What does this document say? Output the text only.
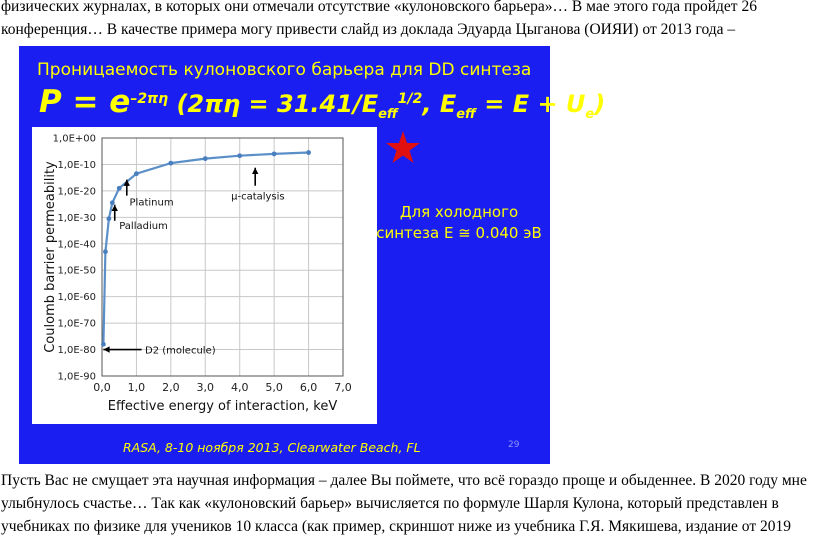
физических журналах, в которых они отмечали отсутствие «кулоновского барьера»… В мае этого года пройдет 26
конференция… В качестве примера могу привести слайд из доклада Эдуарда Цыганова (ОИЯИ) от 2013 года –
Проницаемость кулоновского барьера для DD синтеза
$P = e^{-2\pi\eta}$ ($2\pi\eta = 31.41/E_{eff}^{1/2}$, $E_{eff} = E + U_e$)
1,0E+00
1,0E-10
1,0E-20
1,0E-30
1,0E-40
1,0E-50
1,0E-60
1,0E-70
1,0E-80
1,0E-90
0,0 1,0 2,0 3,0 4,0 5,0 6,0 7,0
Effective energy of interaction, keV
Coulomb barrier permeability	Platinum
Palladium
μ-catalysis
D2 (molecule)
Для холодного
синтеза E ≅ 0.040 эВ
RASA, 8-10 ноября 2013, Clearwater Beach, FL	29
Пусть Вас не смущает эта научная информация – далее Вы поймете, что всё гораздо проще и обыденнее. В 2020 году мне
улыбнулось счастье… Так как «кулоновский барьер» вычисляется по формуле Шарля Кулона, который представлен в
учебниках по физике для учеников 10 класса (как пример, скриншот ниже из учебника Г.Я. Мякишева, издание от 2019
